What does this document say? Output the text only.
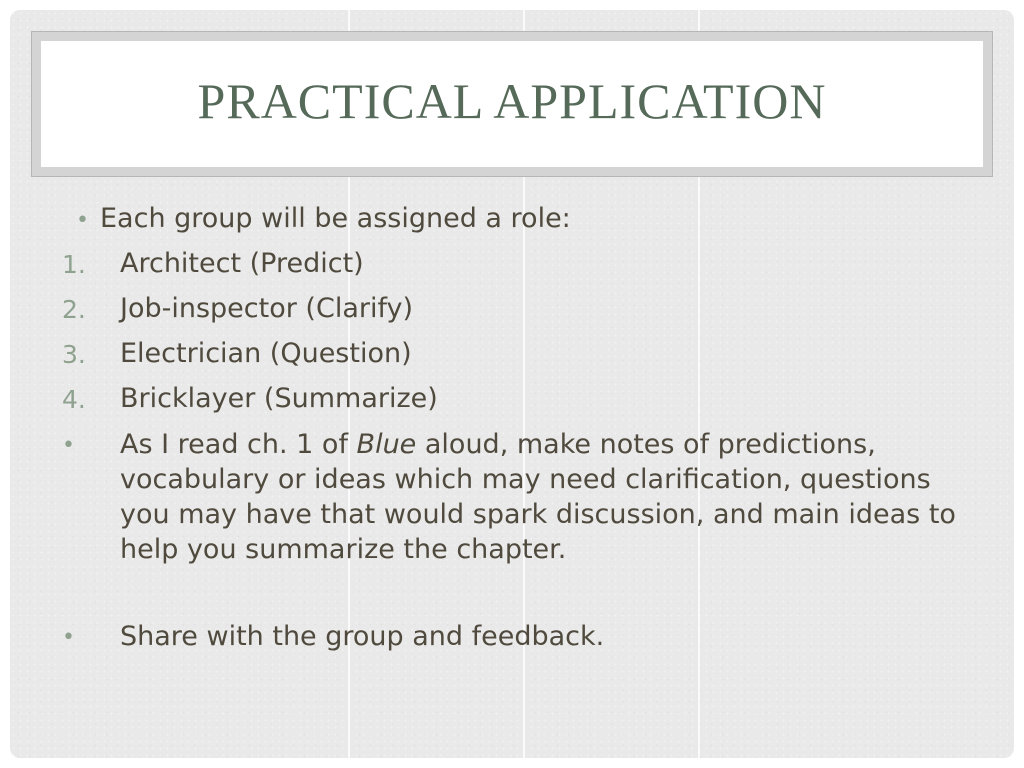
PRACTICAL APPLICATION
• Each group will be assigned a role:
1. Architect (Predict)
2. Job-inspector (Clarify)
3. Electrician (Question)
4. Bricklayer (Summarize)
• As I read ch. 1 of Blue aloud, make notes of predictions, vocabulary or ideas which may need clarification, questions you may have that would spark discussion, and main ideas to help you summarize the chapter.
• Share with the group and feedback.
